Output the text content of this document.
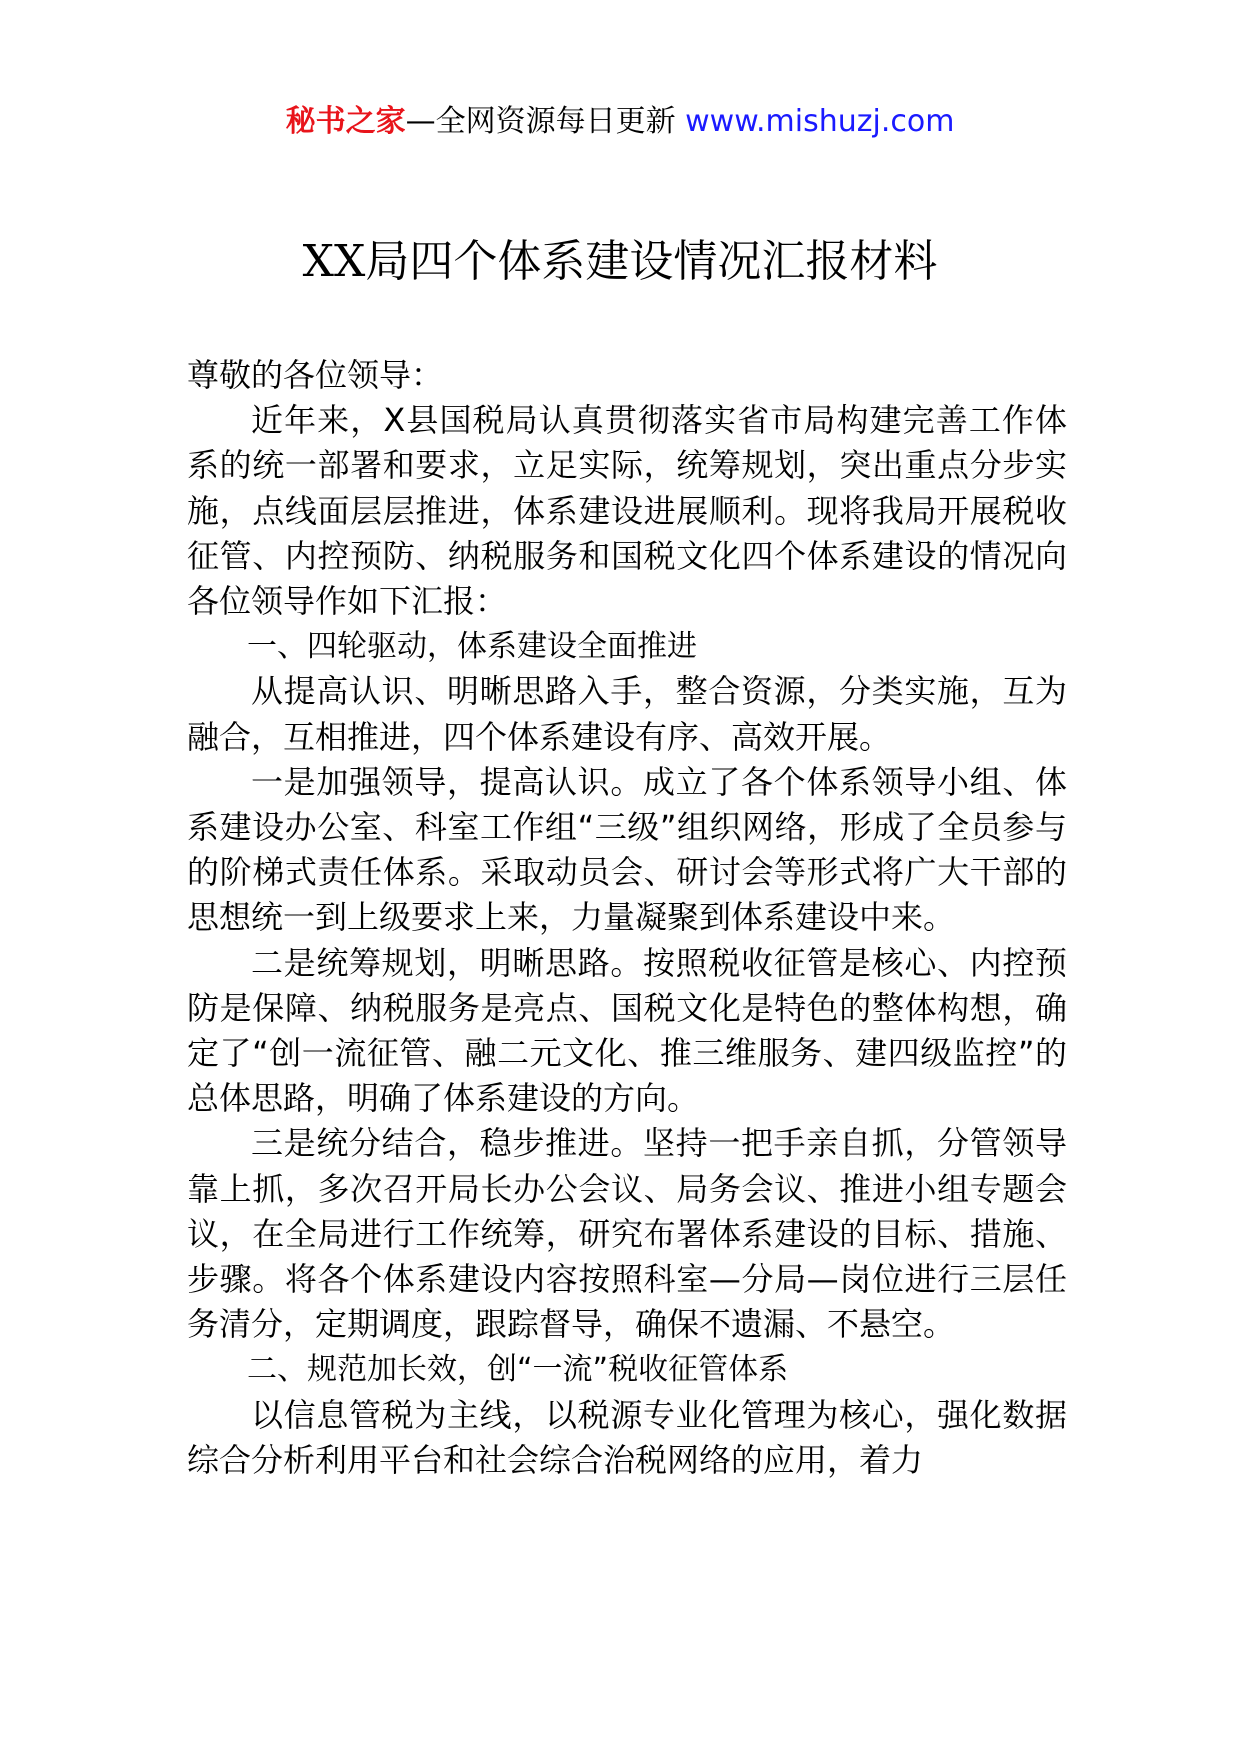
秘书之家—全网资源每日更新 www.mishuzj.com
XX局四个体系建设情况汇报材料

尊敬的各位领导：

近年来，X县国税局认真贯彻落实省市局构建完善工作体系的统一部署和要求，立足实际，统筹规划，突出重点分步实施，点线面层层推进，体系建设进展顺利。现将我局开展税收征管、内控预防、纳税服务和国税文化四个体系建设的情况向各位领导作如下汇报：

一、四轮驱动，体系建设全面推进

从提高认识、明晰思路入手，整合资源，分类实施，互为融合，互相推进，四个体系建设有序、高效开展。

一是加强领导，提高认识。成立了各个体系领导小组、体系建设办公室、科室工作组“三级”组织网络，形成了全员参与的阶梯式责任体系。采取动员会、研讨会等形式将广大干部的思想统一到上级要求上来，力量凝聚到体系建设中来。

二是统筹规划，明晰思路。按照税收征管是核心、内控预防是保障、纳税服务是亮点、国税文化是特色的整体构想，确定了“创一流征管、融二元文化、推三维服务、建四级监控”的总体思路，明确了体系建设的方向。

三是统分结合，稳步推进。坚持一把手亲自抓，分管领导靠上抓，多次召开局长办公会议、局务会议、推进小组专题会议，在全局进行工作统筹，研究布署体系建设的目标、措施、步骤。将各个体系建设内容按照科室—分局—岗位进行三层任务清分，定期调度，跟踪督导，确保不遗漏、不悬空。

二、规范加长效，创“一流”税收征管体系

以信息管税为主线，以税源专业化管理为核心，强化数据综合分析利用平台和社会综合治税网络的应用，着力
